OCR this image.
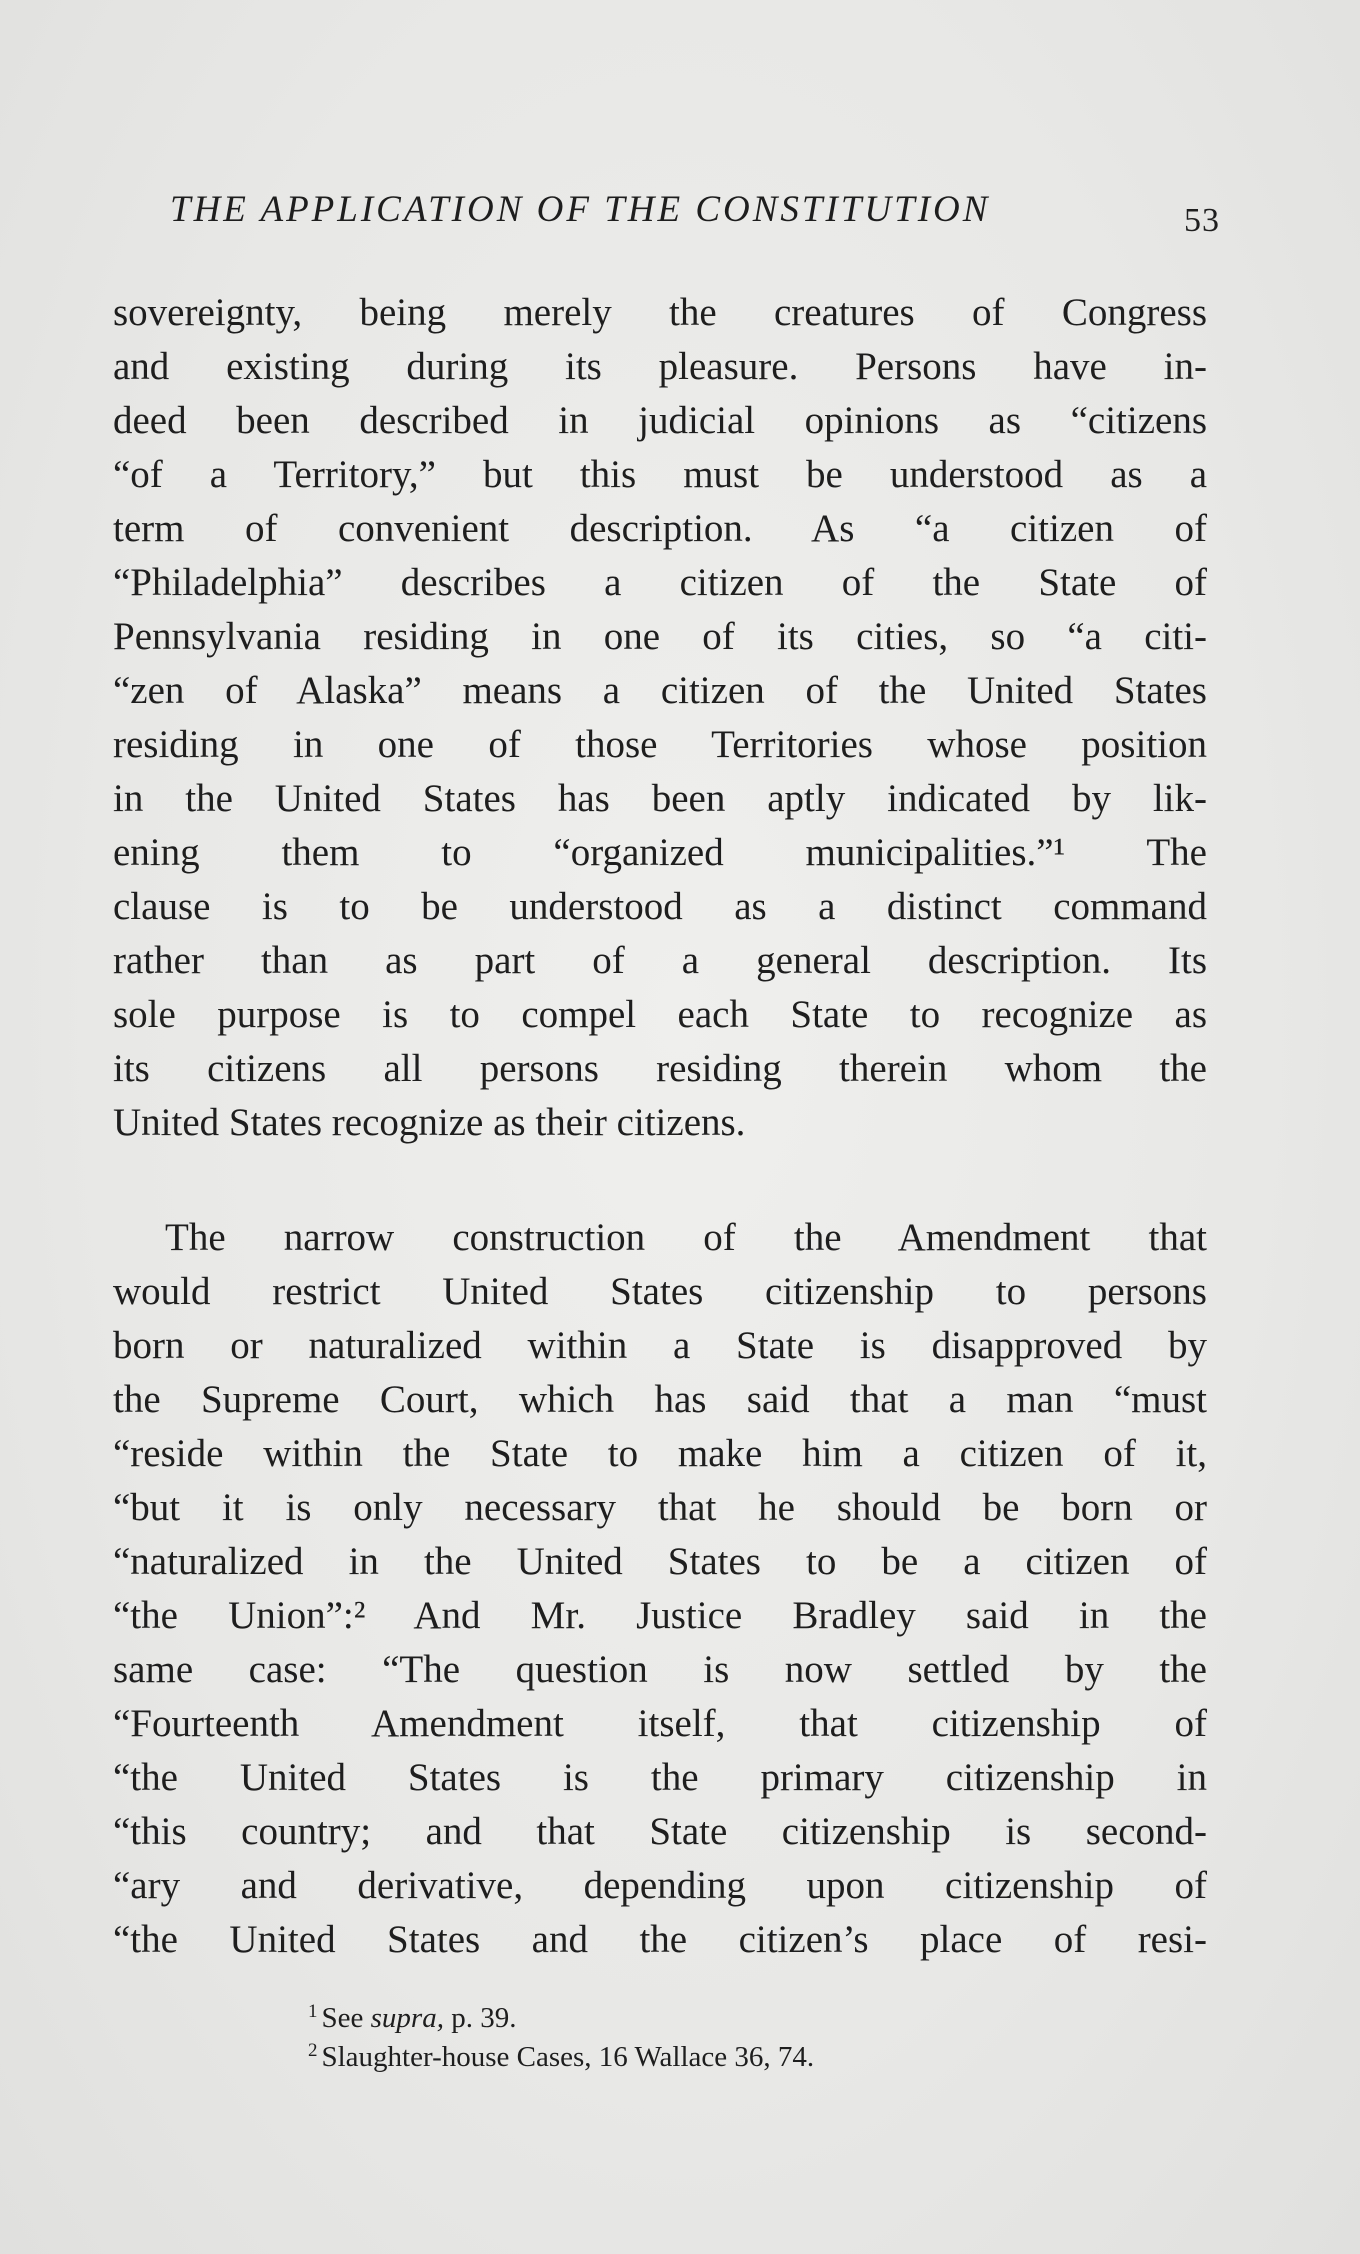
THE APPLICATION OF THE CONSTITUTION	53
sovereignty, being merely the creatures of Congress
and existing during its pleasure. Persons have in-
deed been described in judicial opinions as “citizens
“of a Territory,” but this must be understood as a
term of convenient description. As “a citizen of
“Philadelphia” describes a citizen of the State of
Pennsylvania residing in one of its cities, so “a citi-
“zen of Alaska” means a citizen of the United States
residing in one of those Territories whose position
in the United States has been aptly indicated by lik-
ening them to “organized municipalities.”¹ The
clause is to be understood as a distinct command
rather than as part of a general description. Its
sole purpose is to compel each State to recognize as
its citizens all persons residing therein whom the
United States recognize as their citizens.
The narrow construction of the Amendment that
would restrict United States citizenship to persons
born or naturalized within a State is disapproved by
the Supreme Court, which has said that a man “must
“reside within the State to make him a citizen of it,
“but it is only necessary that he should be born or
“naturalized in the United States to be a citizen of
“the Union”:² And Mr. Justice Bradley said in the
same case: “The question is now settled by the
“Fourteenth Amendment itself, that citizenship of
“the United States is the primary citizenship in
“this country; and that State citizenship is second-
“ary and derivative, depending upon citizenship of
“the United States and the citizen’s place of resi-
$^1$ See supra, p. 39.
$^2$ Slaughter-house Cases, 16 Wallace 36, 74.
